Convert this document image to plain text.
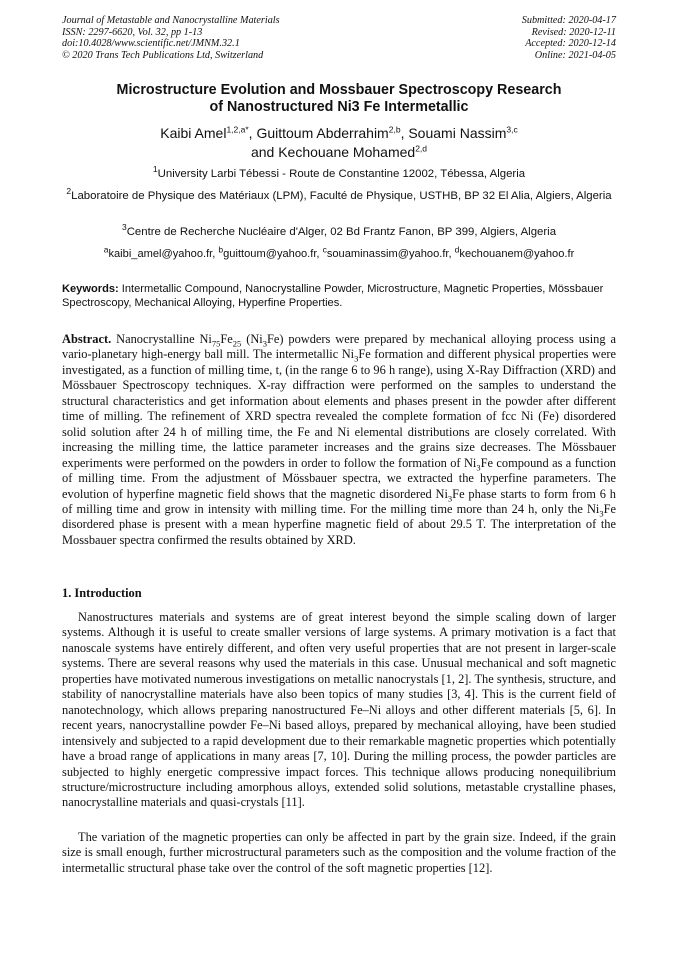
Journal of Metastable and Nanocrystalline Materials
ISSN: 2297-6620, Vol. 32, pp 1-13
doi:10.4028/www.scientific.net/JMNM.32.1
© 2020 Trans Tech Publications Ltd, Switzerland
Submitted: 2020-04-17
Revised: 2020-12-11
Accepted: 2020-12-14
Online: 2021-04-05
Microstructure Evolution and Mossbauer Spectroscopy Research
of Nanostructured Ni3 Fe Intermetallic
Kaibi Amel$^{1,2,a*}$, Guittoum Abderrahim$^{2,b}$, Souami Nassim$^{3,c}$
and Kechouane Mohamed$^{2,d}$
$^1$University Larbi Tébessi - Route de Constantine 12002, Tébessa, Algeria
$^2$Laboratoire de Physique des Matériaux (LPM), Faculté de Physique, USTHB, BP 32 El Alia, Algiers, Algeria
$^3$Centre de Recherche Nucléaire d'Alger, 02 Bd Frantz Fanon, BP 399, Algiers, Algeria
$^a$kaibi_amel@yahoo.fr, $^b$guittoum@yahoo.fr, $^c$souaminassim@yahoo.fr, $^d$kechouanem@yahoo.fr
Keywords: Intermetallic Compound, Nanocrystalline Powder, Microstructure, Magnetic Properties, Mössbauer Spectroscopy, Mechanical Alloying, Hyperfine Properties.
Abstract. Nanocrystalline $Ni_{75}Fe_{25}$ $(Ni_3Fe)$ powders were prepared by mechanical alloying process using a vario-planetary high-energy ball mill. The intermetallic $Ni_3Fe$ formation and different physical properties were investigated, as a function of milling time, t, (in the range 6 to 96 h range), using X-Ray Diffraction (XRD) and Mössbauer Spectroscopy techniques. X-ray diffraction were performed on the samples to understand the structural characteristics and get information about elements and phases present in the powder after different time of milling. The refinement of XRD spectra revealed the complete formation of fcc Ni (Fe) disordered solid solution after 24 h of milling time, the Fe and Ni elemental distributions are closely correlated. With increasing the milling time, the lattice parameter increases and the grains size decreases. The Mössbauer experiments were performed on the powders in order to follow the formation of $Ni_3Fe$ compound as a function of milling time. From the adjustment of Mössbauer spectra, we extracted the hyperfine parameters. The evolution of hyperfine magnetic field shows that the magnetic disordered $Ni_3Fe$ phase starts to form from 6 h of milling time and grow in intensity with milling time. For the milling time more than 24 h, only the $Ni_3Fe$ disordered phase is present with a mean hyperfine magnetic field of about 29.5 T. The interpretation of the Mossbauer spectra confirmed the results obtained by XRD.
1. Introduction
Nanostructures materials and systems are of great interest beyond the simple scaling down of larger systems. Although it is useful to create smaller versions of large systems. A primary motivation is a fact that nanoscale systems have entirely different, and often very useful properties that are not present in larger-scale systems. There are several reasons why used the materials in this case. Unusual mechanical and soft magnetic properties have motivated numerous investigations on metallic nanocrystals [1, 2]. The synthesis, structure, and stability of nanocrystalline materials have also been topics of many studies [3, 4]. This is the current field of nanotechnology, which allows preparing nanostructured Fe–Ni alloys and other different materials [5, 6]. In recent years, nanocrystalline powder Fe–Ni based alloys, prepared by mechanical alloying, have been studied intensively and subjected to a rapid development due to their remarkable magnetic properties which potentially have a broad range of applications in many areas [7, 10]. During the milling process, the powder particles are subjected to highly energetic compressive impact forces. This technique allows producing nonequilibrium structure/microstructure including amorphous alloys, extended solid solutions, metastable crystalline phases, nanocrystalline materials and quasi-crystals [11].
The variation of the magnetic properties can only be affected in part by the grain size. Indeed, if the grain size is small enough, further microstructural parameters such as the composition and the volume fraction of the intermetallic structural phase take over the control of the soft magnetic properties [12].
